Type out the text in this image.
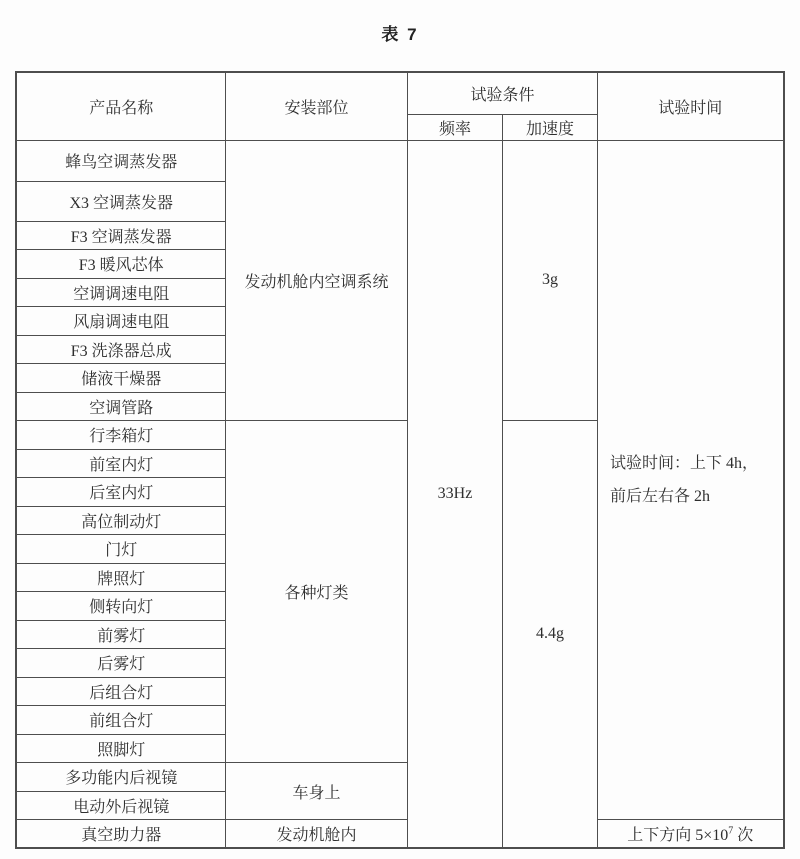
表 7
产品名称	安装部位	试验条件		试验时间
		频率	加速度	
蜂鸟空调蒸发器	发动机舱内空调系统	33Hz	3g	试验时间：上下 4h，前后左右各 2h
X3 空调蒸发器				
F3 空调蒸发器				
F3 暖风芯体				
空调调速电阻				
风扇调速电阻				
F3 洗涤器总成				
储液干燥器				
空调管路				
行李箱灯	各种灯类		4.4g	
前室内灯				
后室内灯				
高位制动灯				
门灯				
牌照灯				
侧转向灯				
前雾灯				
后雾灯				
后组合灯				
前组合灯				
照脚灯				
多功能内后视镜	车身上			
电动外后视镜				
真空助力器	发动机舱内			上下方向 $5\times 10^7$ 次
